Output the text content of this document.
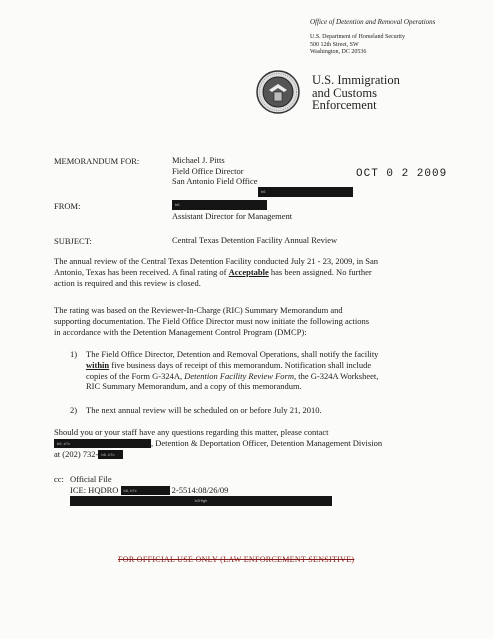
Office of Detention and Removal Operations
U.S. Department of Homeland Security
500 12th Street, SW
Washington, DC 20536
U.S. Immigration
and Customs
Enforcement
MEMORANDUM FOR:	Michael J. Pitts
Field Office Director
San Antonio Field Office
OCT 0 2 2009
b6
FROM:	b6
Assistant Director for Management
SUBJECT:	Central Texas Detention Facility Annual Review
The annual review of the Central Texas Detention Facility conducted July 21 - 23, 2009, in San
Antonio, Texas has been received. A final rating of Acceptable has been assigned. No further
action is required and this review is closed.
The rating was based on the Reviewer-In-Charge (RIC) Summary Memorandum and
supporting documentation. The Field Office Director must now initiate the following actions
in accordance with the Detention Management Control Program (DMCP):
1) The Field Office Director, Detention and Removal Operations, shall notify the facility
within five business days of receipt of this memorandum. Notification shall include
copies of the Form G-324A, Detention Facility Review Form, the G-324A Worksheet,
RIC Summary Memorandum, and a copy of this memorandum.
2) The next annual review will be scheduled on or before July 21, 2010.
Should you or your staff have any questions regarding this matter, please contact
b6, b7c	, Detention & Deportation Officer, Detention Management Division
at (202) 732- b6, b7c
cc: Official File
ICE: HQDRO b6, b7c	2-5514:08/26/09
b2High
FOR OFFICIAL USE ONLY (LAW ENFORCEMENT SENSITIVE)
